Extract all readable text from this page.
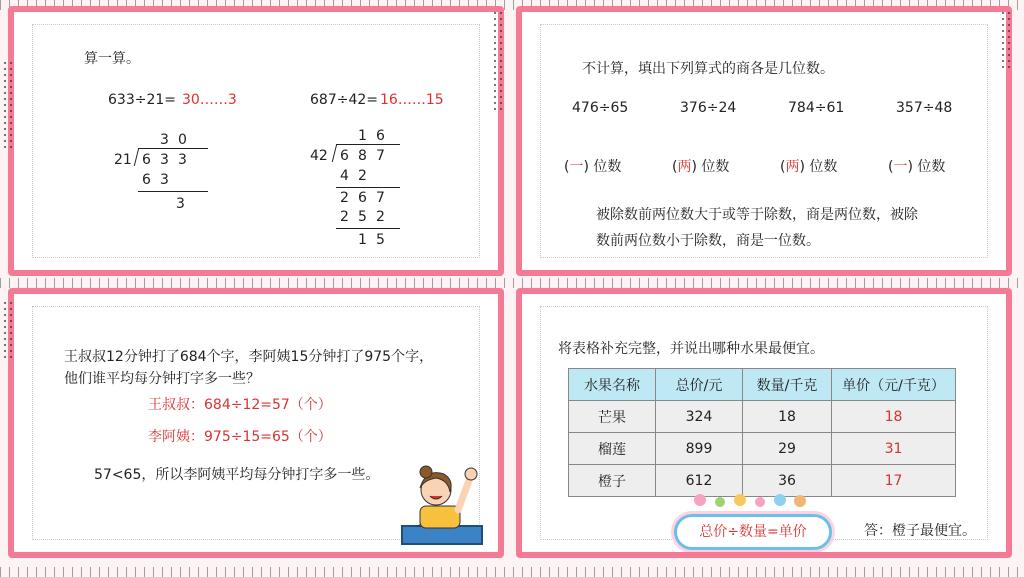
算一算。
633÷21= 30……3	687÷42= 16……15
3 0
21 6 3 3
6 3
3
1 6
42 6 8 7
4 2
2 6 7
2 5 2
1 5
不计算，填出下列算式的商各是几位数。
476÷65	376÷24	784÷61	357÷48
(一) 位数	(两) 位数	(两) 位数	(一) 位数
被除数前两位数大于或等于除数，商是两位数，被除
数前两位数小于除数，商是一位数。
王叔叔12分钟打了684个字，李阿姨15分钟打了975个字，
他们谁平均每分钟打字多一些？
王叔叔：684÷12=57（个）
李阿姨：975÷15=65（个）
57<65，所以李阿姨平均每分钟打字多一些。
将表格补充完整，并说出哪种水果最便宜。
水果名称	总价/元	数量/千克	单价（元/千克）
芒果	324	18	18
榴莲	899	29	31
橙子	612	36	17
总价÷数量=单价	答：橙子最便宜。
